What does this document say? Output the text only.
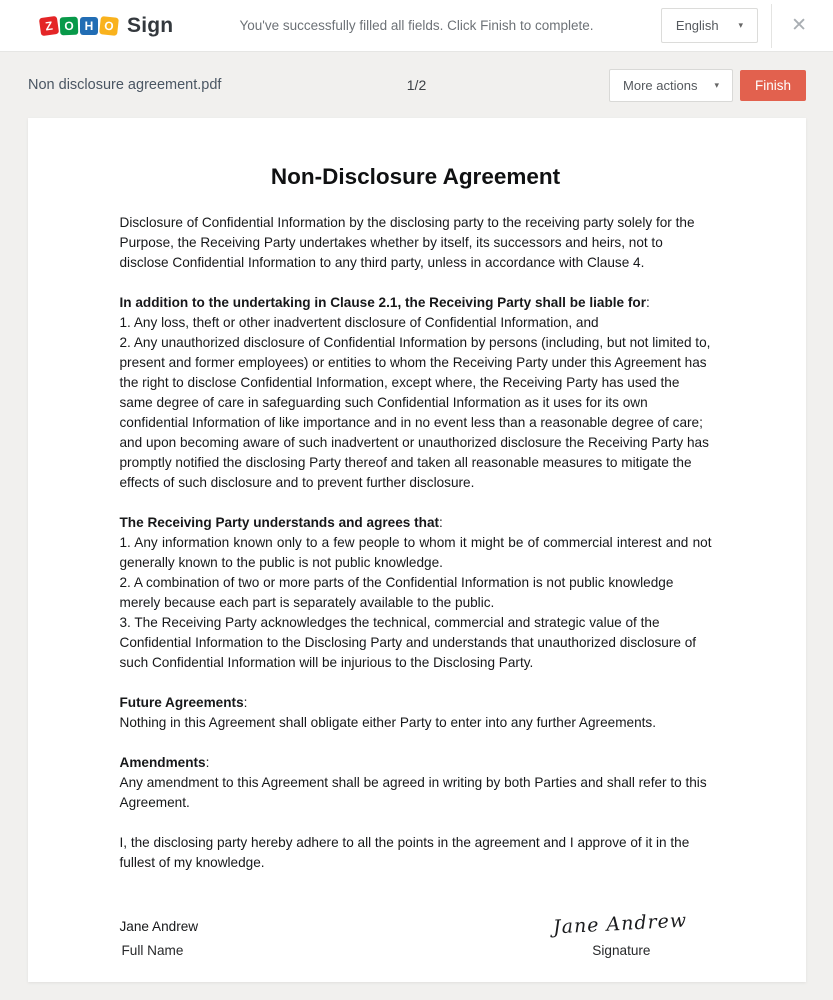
Z O H O Sign	You've successfully filled all fields. Click Finish to complete.	English ▾	✕
Non disclosure agreement.pdf	1/2	More actions ▾	Finish
Non-Disclosure Agreement

Disclosure of Confidential Information by the disclosing party to the receiving party solely for the Purpose, the Receiving Party undertakes whether by itself, its successors and heirs, not to disclose Confidential Information to any third party, unless in accordance with Clause 4.

In addition to the undertaking in Clause 2.1, the Receiving Party shall be liable for:

1. Any loss, theft or other inadvertent disclosure of Confidential Information, and

2. Any unauthorized disclosure of Confidential Information by persons (including, but not limited to, present and former employees) or entities to whom the Receiving Party under this Agreement has the right to disclose Confidential Information, except where, the Receiving Party has used the same degree of care in safeguarding such Confidential Information as it uses for its own confidential Information of like importance and in no event less than a reasonable degree of care; and upon becoming aware of such inadvertent or unauthorized disclosure the Receiving Party has promptly notified the disclosing Party thereof and taken all reasonable measures to mitigate the effects of such disclosure and to prevent further disclosure.

The Receiving Party understands and agrees that:

1. Any information known only to a few people to whom it might be of commercial interest and not generally known to the public is not public knowledge.

2. A combination of two or more parts of the Confidential Information is not public knowledge merely because each part is separately available to the public.

3. The Receiving Party acknowledges the technical, commercial and strategic value of the Confidential Information to the Disclosing Party and understands that unauthorized disclosure of such Confidential Information will be injurious to the Disclosing Party.

Future Agreements:

Nothing in this Agreement shall obligate either Party to enter into any further Agreements.

Amendments:

Any amendment to this Agreement shall be agreed in writing by both Parties and shall refer to this Agreement.

I, the disclosing party hereby adhere to all the points in the agreement and I approve of it in the fullest of my knowledge.

Jane Andrew
Full Name
Jane Andrew
Signature
